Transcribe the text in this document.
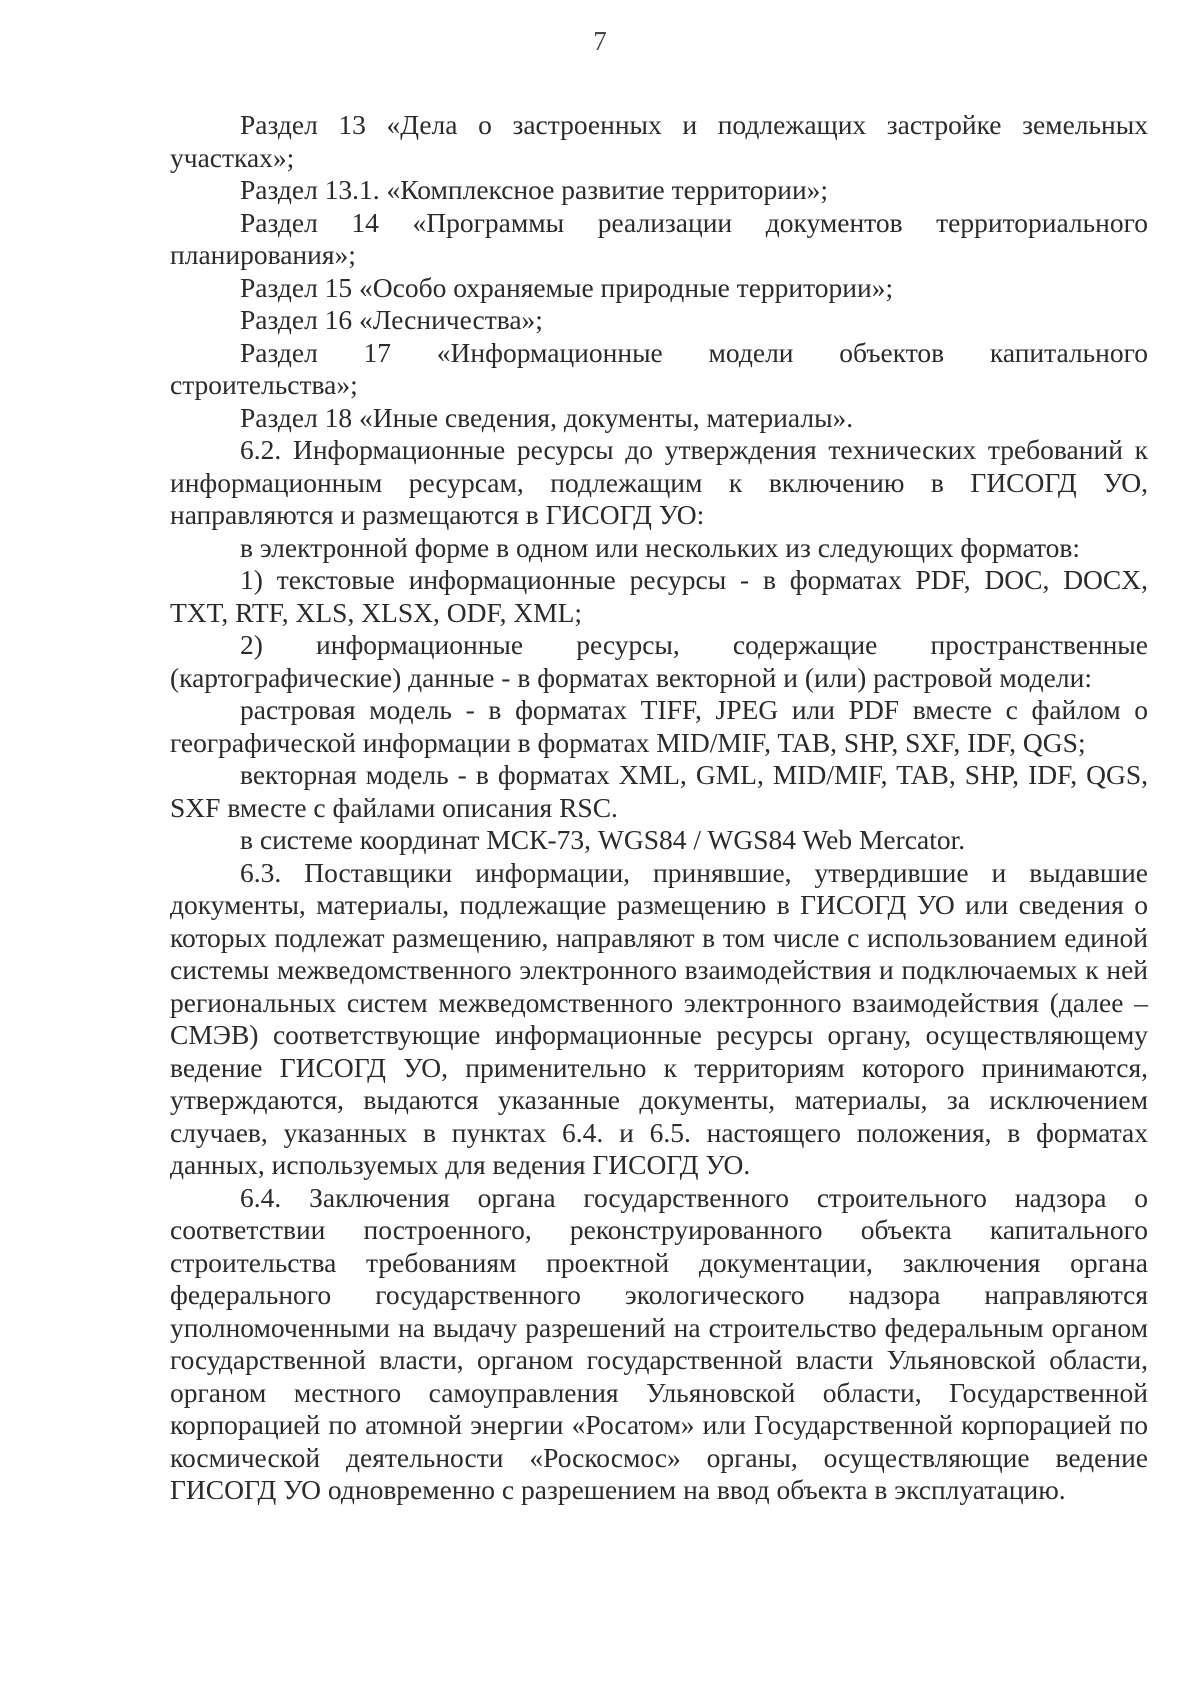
7

Раздел 13 «Дела о застроенных и подлежащих застройке земельных участках»;

Раздел 13.1. «Комплексное развитие территории»;

Раздел 14 «Программы реализации документов территориального планирования»;

Раздел 15 «Особо охраняемые природные территории»;

Раздел 16 «Лесничества»;

Раздел 17 «Информационные модели объектов капитального строительства»;

Раздел 18 «Иные сведения, документы, материалы».

6.2. Информационные ресурсы до утверждения технических требований к информационным ресурсам, подлежащим к включению в ГИСОГД УО, направляются и размещаются в ГИСОГД УО:

в электронной форме в одном или нескольких из следующих форматов:

1) текстовые информационные ресурсы - в форматах PDF, DOC, DOCX, TXT, RTF, XLS, XLSX, ODF, XML;

2) информационные ресурсы, содержащие пространственные (картографические) данные - в форматах векторной и (или) растровой модели:

растровая модель - в форматах TIFF, JPEG или PDF вместе с файлом о географической информации в форматах MID/MIF, TAB, SHP, SXF, IDF, QGS;

векторная модель - в форматах XML, GML, MID/MIF, TAB, SHP, IDF, QGS, SXF вместе с файлами описания RSC.

в системе координат МСК-73, WGS84 / WGS84 Web Mercator.

6.3. Поставщики информации, принявшие, утвердившие и выдавшие документы, материалы, подлежащие размещению в ГИСОГД УО или сведения о которых подлежат размещению, направляют в том числе с использованием единой системы межведомственного электронного взаимодействия и подключаемых к ней региональных систем межведомственного электронного взаимодействия (далее – СМЭВ) соответствующие информационные ресурсы органу, осуществляющему ведение ГИСОГД УО, применительно к территориям которого принимаются, утверждаются, выдаются указанные документы, материалы, за исключением случаев, указанных в пунктах 6.4. и 6.5. настоящего положения, в форматах данных, используемых для ведения ГИСОГД УО.

6.4. Заключения органа государственного строительного надзора о соответствии построенного, реконструированного объекта капитального строительства требованиям проектной документации, заключения органа федерального государственного экологического надзора направляются уполномоченными на выдачу разрешений на строительство федеральным органом государственной власти, органом государственной власти Ульяновской области, органом местного самоуправления Ульяновской области, Государственной корпорацией по атомной энергии «Росатом» или Государственной корпорацией по космической деятельности «Роскосмос» органы, осуществляющие ведение ГИСОГД УО одновременно с разрешением на ввод объекта в эксплуатацию.
